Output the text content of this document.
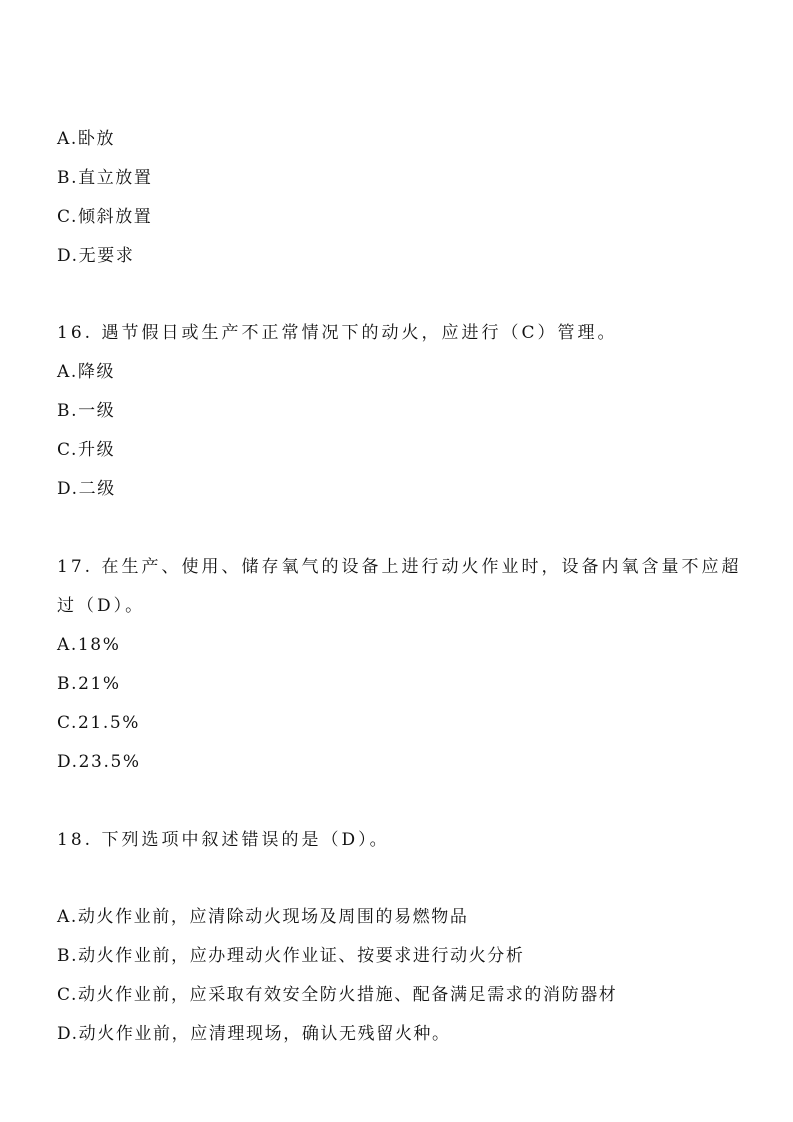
A.卧放
B.直立放置
C.倾斜放置
D.无要求
16. 遇节假日或生产不正常情况下的动火，应进行（C）管理。
A.降级
B.一级
C.升级
D.二级
17. 在生产、使用、储存氧气的设备上进行动火作业时，设备内氧含量不应超
过（D）。
A.18%
B.21%
C.21.5%
D.23.5%
18. 下列选项中叙述错误的是（D）。
A.动火作业前，应清除动火现场及周围的易燃物品
B.动火作业前，应办理动火作业证、按要求进行动火分析
C.动火作业前，应采取有效安全防火措施、配备满足需求的消防器材
D.动火作业前，应清理现场，确认无残留火种。
